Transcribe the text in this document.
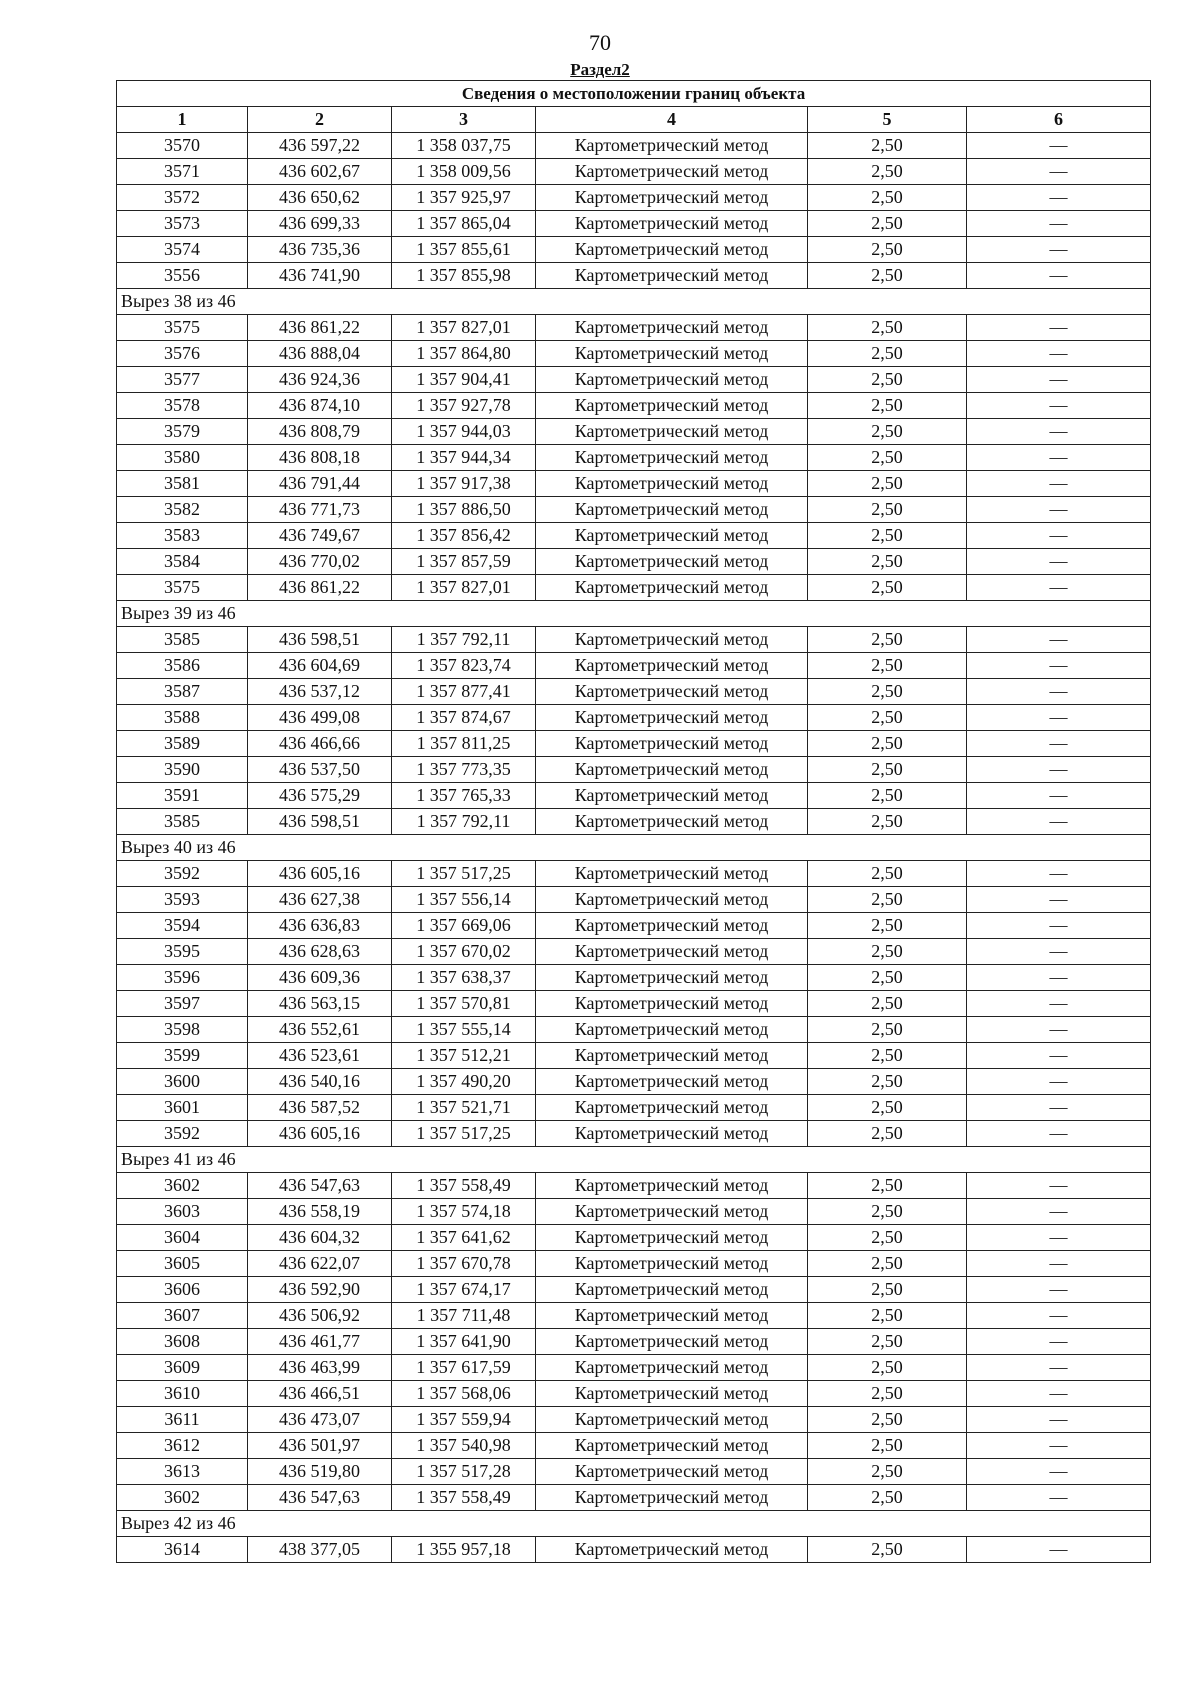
70
Раздел2
Сведения о местоположении границ объекта					
1	2	3	4	5	6
3570	436 597,22	1 358 037,75	Картометрический метод	2,50	—
3571	436 602,67	1 358 009,56	Картометрический метод	2,50	—
3572	436 650,62	1 357 925,97	Картометрический метод	2,50	—
3573	436 699,33	1 357 865,04	Картометрический метод	2,50	—
3574	436 735,36	1 357 855,61	Картометрический метод	2,50	—
3556	436 741,90	1 357 855,98	Картометрический метод	2,50	—
Вырез 38 из 46					
3575	436 861,22	1 357 827,01	Картометрический метод	2,50	—
3576	436 888,04	1 357 864,80	Картометрический метод	2,50	—
3577	436 924,36	1 357 904,41	Картометрический метод	2,50	—
3578	436 874,10	1 357 927,78	Картометрический метод	2,50	—
3579	436 808,79	1 357 944,03	Картометрический метод	2,50	—
3580	436 808,18	1 357 944,34	Картометрический метод	2,50	—
3581	436 791,44	1 357 917,38	Картометрический метод	2,50	—
3582	436 771,73	1 357 886,50	Картометрический метод	2,50	—
3583	436 749,67	1 357 856,42	Картометрический метод	2,50	—
3584	436 770,02	1 357 857,59	Картометрический метод	2,50	—
3575	436 861,22	1 357 827,01	Картометрический метод	2,50	—
Вырез 39 из 46					
3585	436 598,51	1 357 792,11	Картометрический метод	2,50	—
3586	436 604,69	1 357 823,74	Картометрический метод	2,50	—
3587	436 537,12	1 357 877,41	Картометрический метод	2,50	—
3588	436 499,08	1 357 874,67	Картометрический метод	2,50	—
3589	436 466,66	1 357 811,25	Картометрический метод	2,50	—
3590	436 537,50	1 357 773,35	Картометрический метод	2,50	—
3591	436 575,29	1 357 765,33	Картометрический метод	2,50	—
3585	436 598,51	1 357 792,11	Картометрический метод	2,50	—
Вырез 40 из 46					
3592	436 605,16	1 357 517,25	Картометрический метод	2,50	—
3593	436 627,38	1 357 556,14	Картометрический метод	2,50	—
3594	436 636,83	1 357 669,06	Картометрический метод	2,50	—
3595	436 628,63	1 357 670,02	Картометрический метод	2,50	—
3596	436 609,36	1 357 638,37	Картометрический метод	2,50	—
3597	436 563,15	1 357 570,81	Картометрический метод	2,50	—
3598	436 552,61	1 357 555,14	Картометрический метод	2,50	—
3599	436 523,61	1 357 512,21	Картометрический метод	2,50	—
3600	436 540,16	1 357 490,20	Картометрический метод	2,50	—
3601	436 587,52	1 357 521,71	Картометрический метод	2,50	—
3592	436 605,16	1 357 517,25	Картометрический метод	2,50	—
Вырез 41 из 46					
3602	436 547,63	1 357 558,49	Картометрический метод	2,50	—
3603	436 558,19	1 357 574,18	Картометрический метод	2,50	—
3604	436 604,32	1 357 641,62	Картометрический метод	2,50	—
3605	436 622,07	1 357 670,78	Картометрический метод	2,50	—
3606	436 592,90	1 357 674,17	Картометрический метод	2,50	—
3607	436 506,92	1 357 711,48	Картометрический метод	2,50	—
3608	436 461,77	1 357 641,90	Картометрический метод	2,50	—
3609	436 463,99	1 357 617,59	Картометрический метод	2,50	—
3610	436 466,51	1 357 568,06	Картометрический метод	2,50	—
3611	436 473,07	1 357 559,94	Картометрический метод	2,50	—
3612	436 501,97	1 357 540,98	Картометрический метод	2,50	—
3613	436 519,80	1 357 517,28	Картометрический метод	2,50	—
3602	436 547,63	1 357 558,49	Картометрический метод	2,50	—
Вырез 42 из 46					
3614	438 377,05	1 355 957,18	Картометрический метод	2,50	—
